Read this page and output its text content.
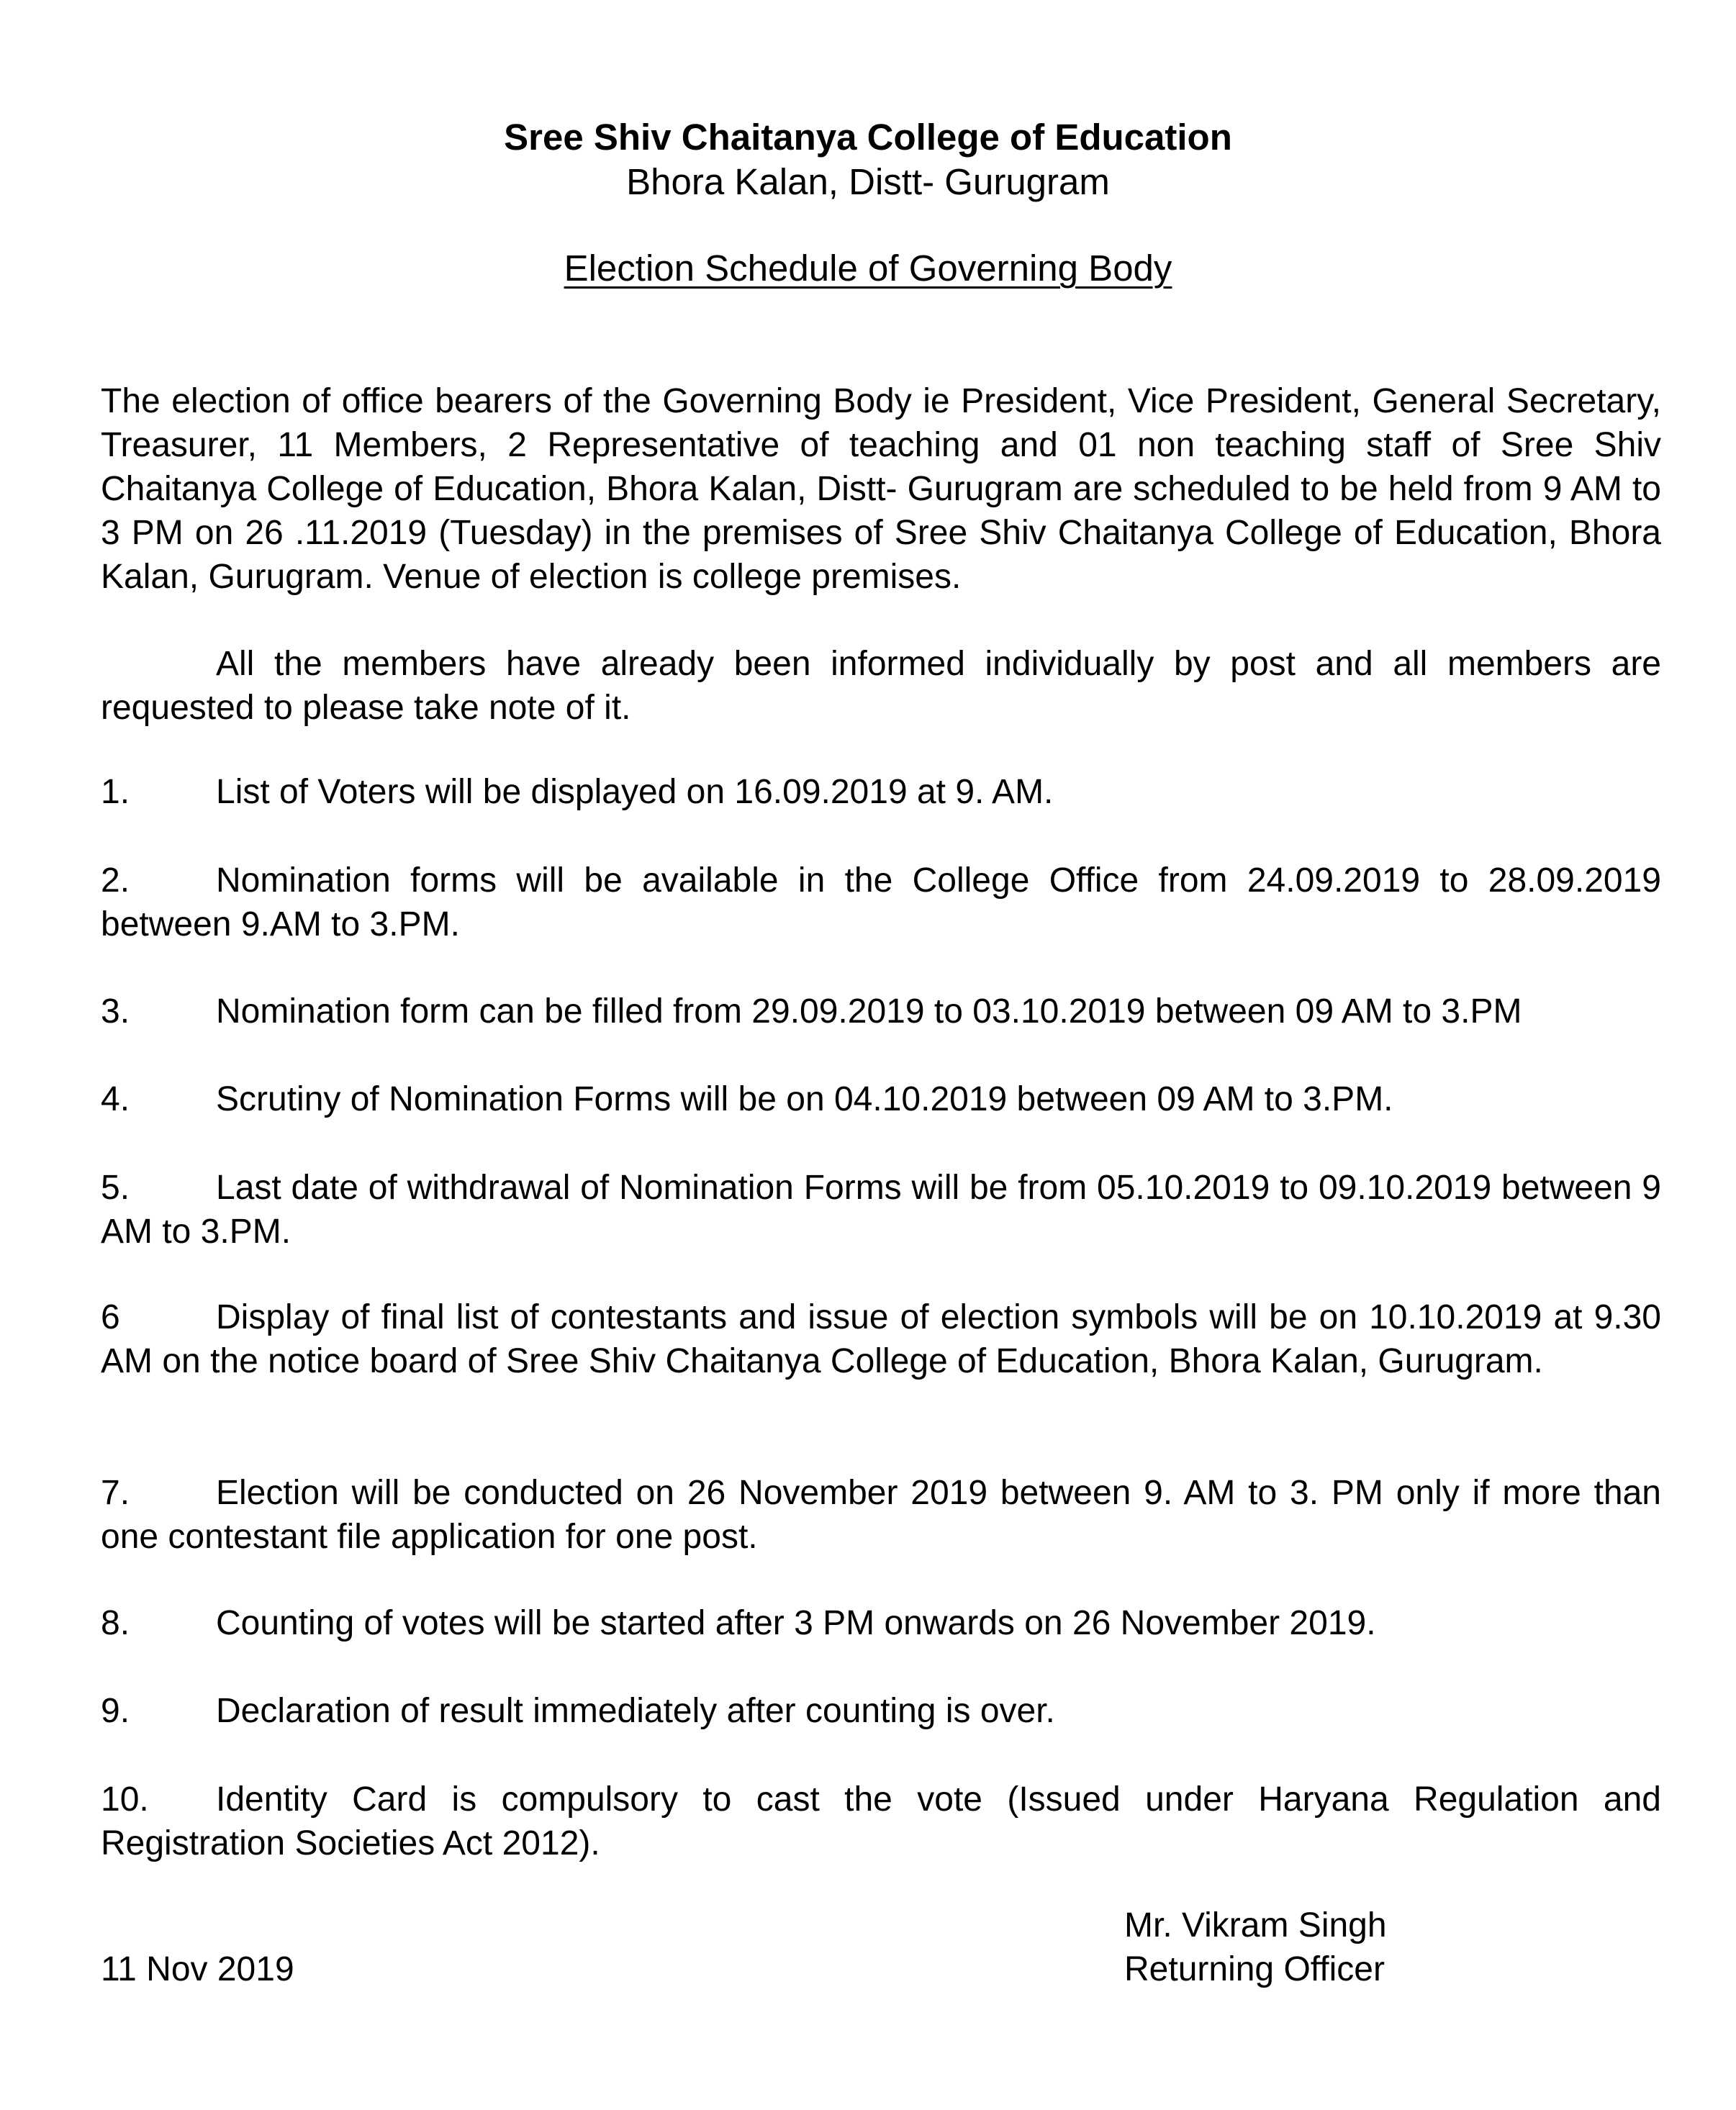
Sree Shiv Chaitanya College of Education
Bhora Kalan, Distt- Gurugram
Election Schedule of Governing Body
The election of office bearers of the Governing Body ie President, Vice President, General Secretary, Treasurer, 11 Members, 2 Representative of teaching and 01 non teaching staff of Sree Shiv Chaitanya College of Education, Bhora Kalan, Distt- Gurugram are scheduled to be held from 9 AM to 3 PM on 26 .11.2019 (Tuesday) in the premises of Sree Shiv Chaitanya College of Education, Bhora Kalan, Gurugram. Venue of election is college premises.
All the members have already been informed individually by post and all members are requested to please take note of it.
1. List of Voters will be displayed on 16.09.2019 at 9. AM.
2. Nomination forms will be available in the College Office from 24.09.2019 to 28.09.2019 between 9.AM to 3.PM.
3. Nomination form can be filled from 29.09.2019 to 03.10.2019 between 09 AM to 3.PM
4. Scrutiny of Nomination Forms will be on 04.10.2019 between 09 AM to 3.PM.
5. Last date of withdrawal of Nomination Forms will be from 05.10.2019 to 09.10.2019 between 9 AM to 3.PM.
6	Display of final list of contestants and issue of election symbols will be on 10.10.2019 at 9.30 AM on the notice board of Sree Shiv Chaitanya College of Education, Bhora Kalan, Gurugram.
7. Election will be conducted on 26 November 2019 between 9. AM to 3. PM only if more than one contestant file application for one post.
8. Counting of votes will be started after 3 PM onwards on 26 November 2019.
9. Declaration of result immediately after counting is over.
10. Identity Card is compulsory to cast the vote (Issued under Haryana Regulation and Registration Societies Act 2012).
Mr. Vikram Singh
Returning Officer
11 Nov 2019
